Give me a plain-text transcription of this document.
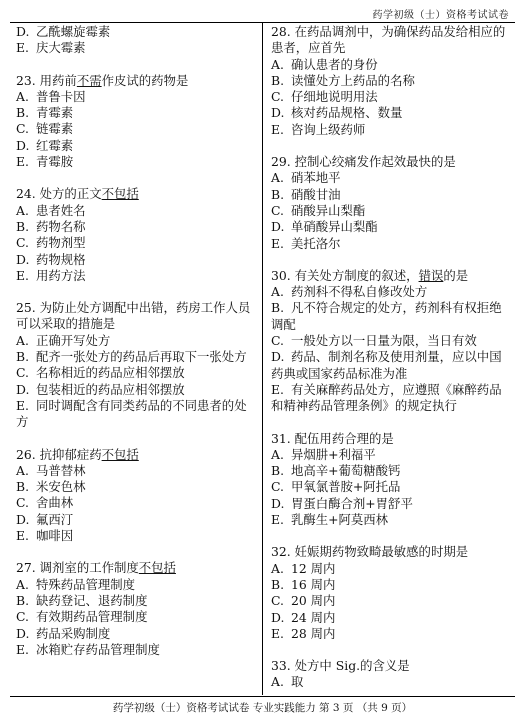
药学初级（士）资格考试试卷
D. 乙酰螺旋霉素
E. 庆大霉素
23. 用药前不需作皮试的药物是
A. 普鲁卡因
B. 青霉素
C. 链霉素
D. 红霉素
E. 青霉胺
24. 处方的正文不包括
A. 患者姓名
B. 药物名称
C. 药物剂型
D. 药物规格
E. 用药方法
25. 为防止处方调配中出错，药房工作人员可以采取的措施是
A. 正确开写处方
B. 配齐一张处方的药品后再取下一张处方
C. 名称相近的药品应相邻摆放
D. 包装相近的药品应相邻摆放
E. 同时调配含有同类药品的不同患者的处方
26. 抗抑郁症药不包括
A. 马普替林
B. 米安色林
C. 舍曲林
D. 氟西汀
E. 咖啡因
27. 调剂室的工作制度不包括
A. 特殊药品管理制度
B. 缺药登记、退药制度
C. 有效期药品管理制度
D. 药品采购制度
E. 冰箱贮存药品管理制度
28. 在药品调剂中，为确保药品发给相应的患者，应首先
A. 确认患者的身份
B. 读懂处方上药品的名称
C. 仔细地说明用法
D. 核对药品规格、数量
E. 咨询上级药师
29. 控制心绞痛发作起效最快的是
A. 硝苯地平
B. 硝酸甘油
C. 硝酸异山梨酯
D. 单硝酸异山梨酯
E. 美托洛尔
30. 有关处方制度的叙述，错误的是
A. 药剂科不得私自修改处方
B. 凡不符合规定的处方，药剂科有权拒绝调配
C. 一般处方以一日量为限，当日有效
D. 药品、制剂名称及使用剂量，应以中国药典或国家药品标准为准
E. 有关麻醉药品处方，应遵照《麻醉药品和精神药品管理条例》的规定执行
31. 配伍用药合理的是
A. 异烟肼+利福平
B. 地高辛+葡萄糖酸钙
C. 甲氧氯普胺+阿托品
D. 胃蛋白酶合剂+胃舒平
E. 乳酶生+阿莫西林
32. 妊娠期药物致畸最敏感的时期是
A. 12 周内
B. 16 周内
C. 20 周内
D. 24 周内
E. 28 周内
33. 处方中 Sig.的含义是
A. 取
药学初级（士）资格考试试卷 专业实践能力 第 3 页 （共 9 页）
